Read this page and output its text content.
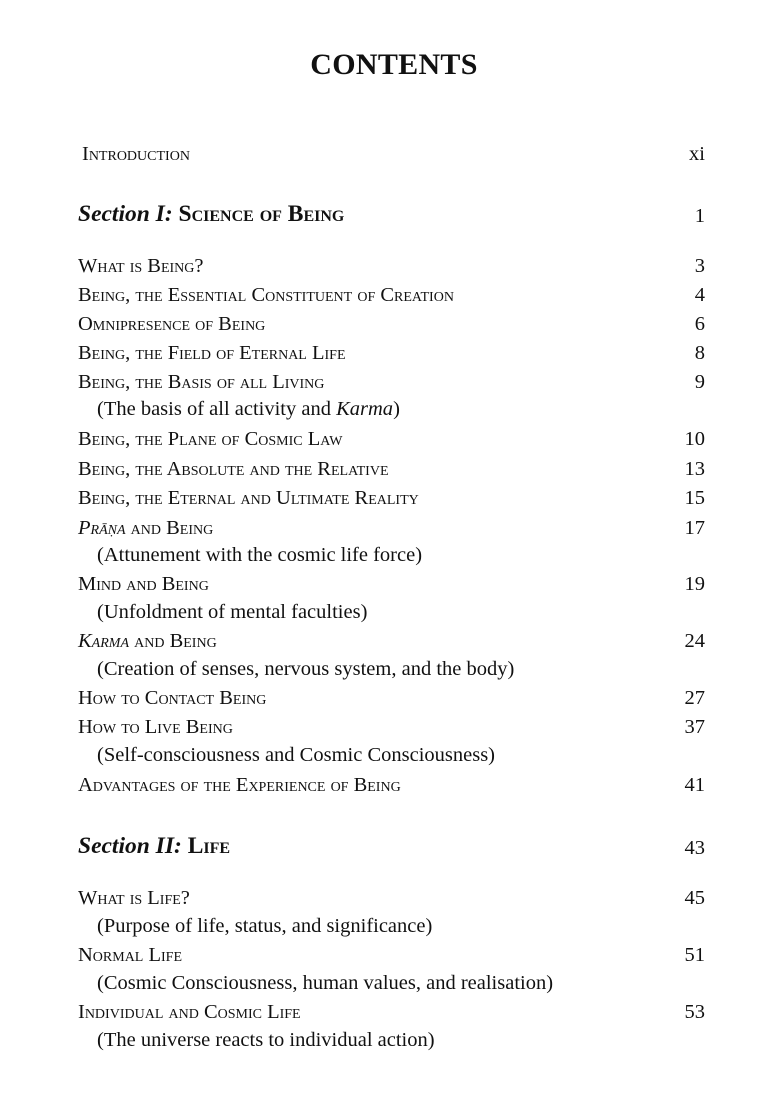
CONTENTS
Introduction	xi
Section I: Science of Being	1
What is Being?	3
Being, the Essential Constituent of Creation	4
Omnipresence of Being	6
Being, the Field of Eternal Life	8
Being, the Basis of all Living	9
(The basis of all activity and Karma)
Being, the Plane of Cosmic Law	10
Being, the Absolute and the Relative	13
Being, the Eternal and Ultimate Reality	15
Prāṇa and Being	17
(Attunement with the cosmic life force)
Mind and Being	19
(Unfoldment of mental faculties)
Karma and Being	24
(Creation of senses, nervous system, and the body)
How to Contact Being	27
How to Live Being	37
(Self-consciousness and Cosmic Consciousness)
Advantages of the Experience of Being	41
Section II: Life	43
What is Life?	45
(Purpose of life, status, and significance)
Normal Life	51
(Cosmic Consciousness, human values, and realisation)
Individual and Cosmic Life	53
(The universe reacts to individual action)
